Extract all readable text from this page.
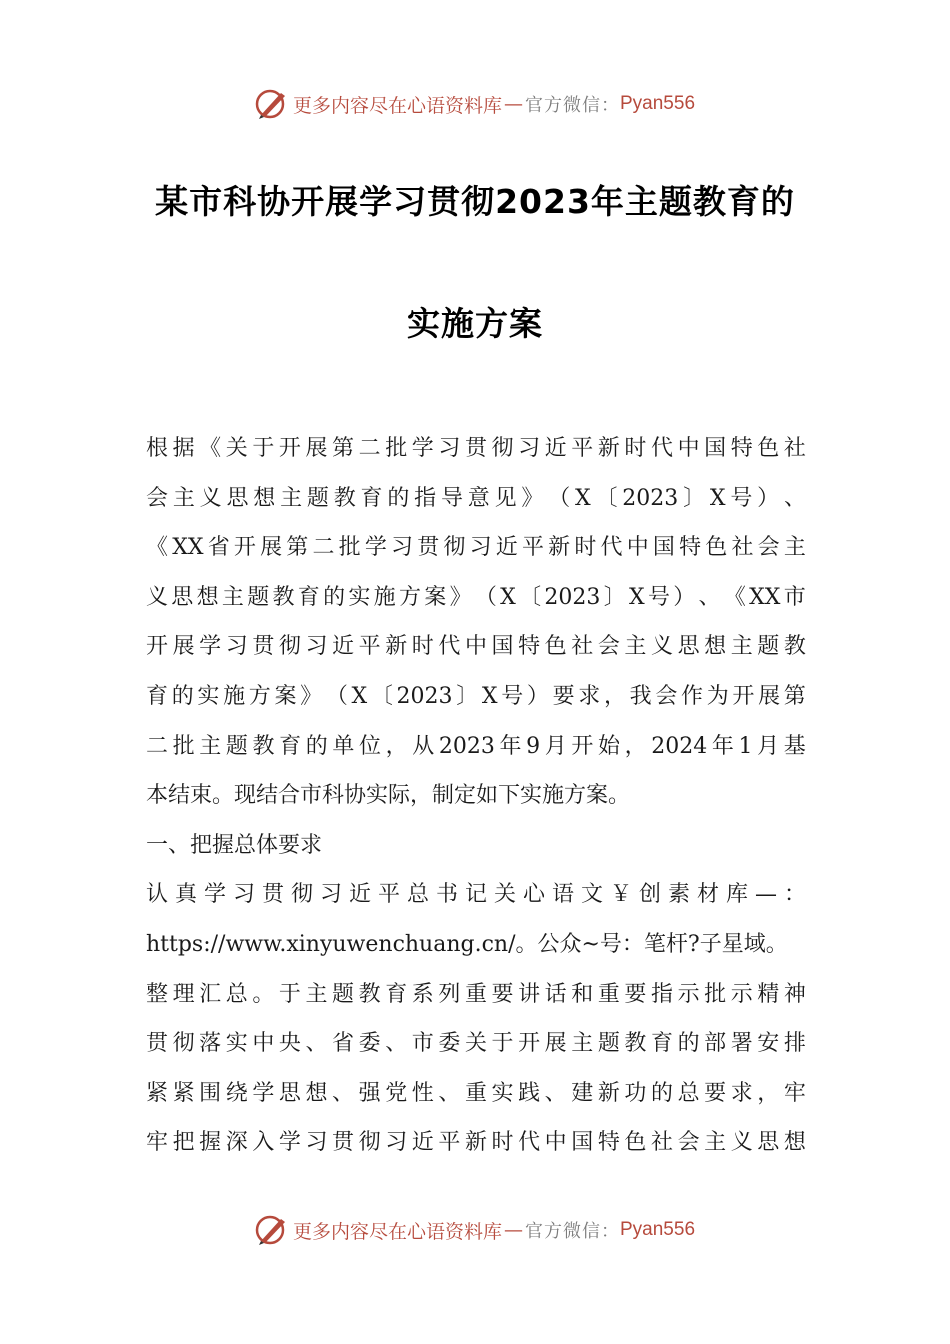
更多内容尽在心语资料库 — 官方微信： Pyan556
某市科协开展学习贯彻2023年主题教育的
实施方案
根 据 《 关 于 开 展 第 二 批 学 习 贯 彻 习 近 平 新 时 代 中 国 特 色 社
会 主 义 思 想 主 题 教 育 的 指 导 意 见 》 （ X 〔 2023 〕 X 号 ） 、
《 XX 省 开 展 第 二 批 学 习 贯 彻 习 近 平 新 时 代 中 国 特 色 社 会 主
义 思 想 主 题 教 育 的 实 施 方 案 》 （ X 〔 2023 〕 X 号 ） 、 《 XX 市
开 展 学 习 贯 彻 习 近 平 新 时 代 中 国 特 色 社 会 主 义 思 想 主 题 教
育 的 实 施 方 案 》 （ X 〔 2023 〕 X 号 ） 要 求 ， 我 会 作 为 开 展 第
二 批 主 题 教 育 的 单 位 ， 从 2023 年 9 月 开 始 ， 2024 年 1 月 基
本结束。现结合市科协实际，制定如下实施方案。
一、把握总体要求
认 真 学 习 贯 彻 习 近 平 总 书 记 关 心 语 文 ￥ 创 素 材 库 — ：
https://www.xinyuwenchuang.cn/。公众~号：笔杆?子星域。
整 理 汇 总 。 于 主 题 教 育 系 列 重 要 讲 话 和 重 要 指 示 批 示 精 神
贯 彻 落 实 中 央 、 省 委 、 市 委 关 于 开 展 主 题 教 育 的 部 署 安 排
紧 紧 围 绕 学 思 想 、 强 党 性 、 重 实 践 、 建 新 功 的 总 要 求 ， 牢
牢 把 握 深 入 学 习 贯 彻 习 近 平 新 时 代 中 国 特 色 社 会 主 义 思 想
更多内容尽在心语资料库 — 官方微信： Pyan556
